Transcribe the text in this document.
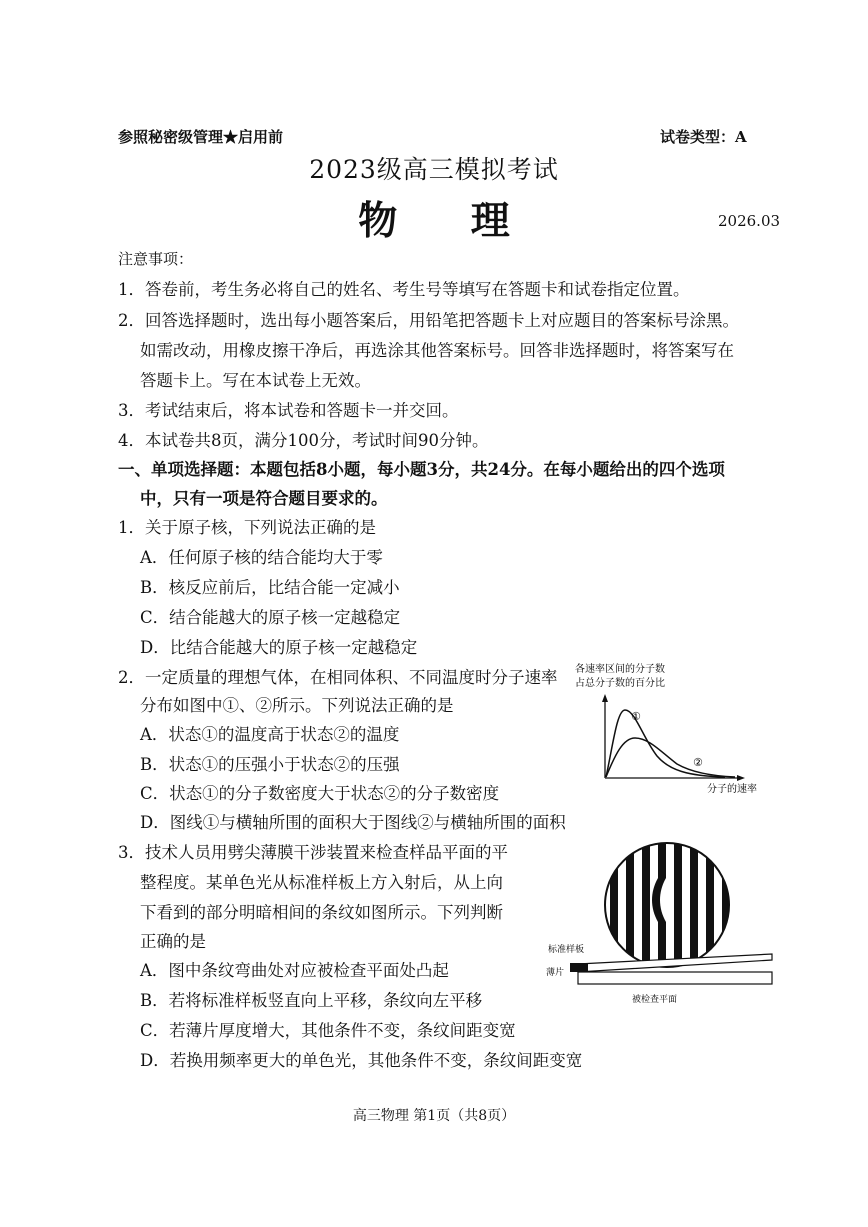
参照秘密级管理★启用前	试卷类型：A
2023级高三模拟考试
物 理	2026.03
注意事项：
1．答卷前，考生务必将自己的姓名、考生号等填写在答题卡和试卷指定位置。
2．回答选择题时，选出每小题答案后，用铅笔把答题卡上对应题目的答案标号涂黑。
如需改动，用橡皮擦干净后，再选涂其他答案标号。回答非选择题时，将答案写在
答题卡上。写在本试卷上无效。
3．考试结束后，将本试卷和答题卡一并交回。
4．本试卷共8页，满分100分，考试时间90分钟。
一、单项选择题：本题包括8小题，每小题3分，共24分。在每小题给出的四个选项
中，只有一项是符合题目要求的。
1．关于原子核，下列说法正确的是
A．任何原子核的结合能均大于零
B．核反应前后，比结合能一定减小
C．结合能越大的原子核一定越稳定
D．比结合能越大的原子核一定越稳定
2．一定质量的理想气体，在相同体积、不同温度时分子速率
分布如图中①、②所示。下列说法正确的是
A．状态①的温度高于状态②的温度
B．状态①的压强小于状态②的压强
C．状态①的分子数密度大于状态②的分子数密度
D．图线①与横轴所围的面积大于图线②与横轴所围的面积
各速率区间的分子数
占总分子数的百分比
①
②
分子的速率
3．技术人员用劈尖薄膜干涉装置来检查样品平面的平
整程度。某单色光从标准样板上方入射后，从上向
下看到的部分明暗相间的条纹如图所示。下列判断
正确的是
A．图中条纹弯曲处对应被检查平面处凸起
B．若将标准样板竖直向上平移，条纹向左平移
C．若薄片厚度增大，其他条件不变，条纹间距变宽
D．若换用频率更大的单色光，其他条件不变，条纹间距变宽
标准样板
薄片
被检查平面
高三物理 第1页（共8页）
